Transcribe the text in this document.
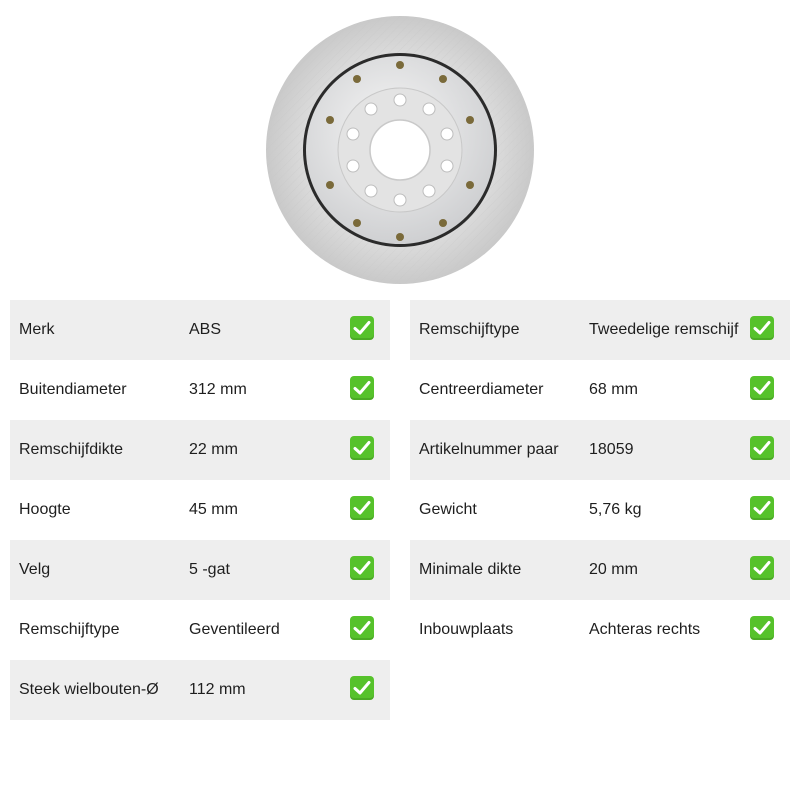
Merk	ABS
Buitendiameter	312 mm
Remschijfdikte	22 mm
Hoogte	45 mm
Velg	5 -gat
Remschijftype	Geventileerd
Steek wielbouten-Ø	112 mm
Remschijftype	Tweedelige remschijf
Centreerdiameter	68 mm
Artikelnummer paar	18059
Gewicht	5,76 kg
Minimale dikte	20 mm
Inbouwplaats	Achteras rechts
